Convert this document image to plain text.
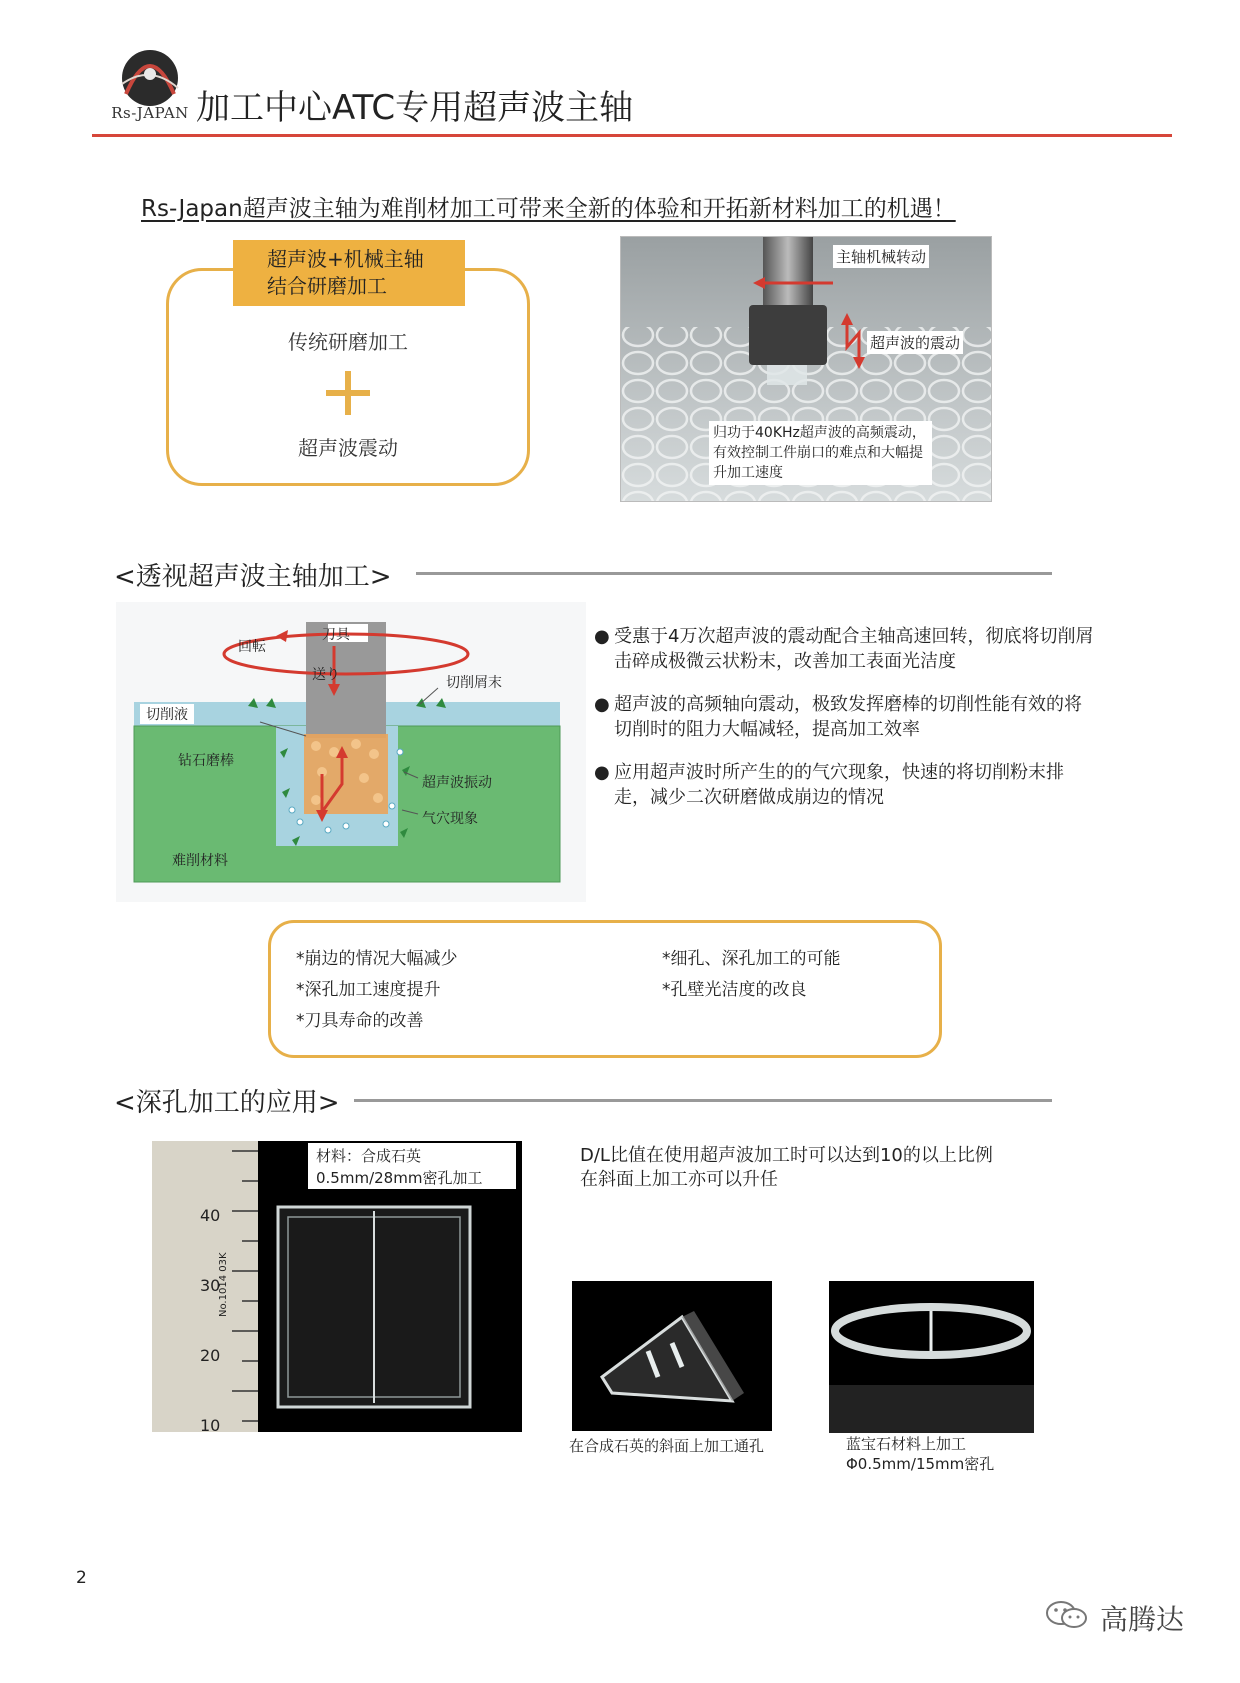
Rs-JAPAN 加工中心ATC专用超声波主轴
Rs-Japan超声波主轴为难削材加工可带来全新的体验和开拓新材料加工的机遇！
超声波+机械主轴
结合研磨加工
传统研磨加工
超声波震动
主轴机械转动
超声波的震动
归功于40KHz超声波的高频震动，有效控制工件崩口的难点和大幅提升加工速度
<透视超声波主轴加工>
刀具
回転
送り	切削屑末
切削液
钻石磨棒
超声波振动
气穴现象
难削材料
● 受惠于4万次超声波的震动配合主轴高速回转，彻底将切削屑击碎成极微云状粉末，改善加工表面光洁度
● 超声波的高频轴向震动，极致发挥磨棒的切削性能有效的将切削时的阻力大幅减轻，提高加工效率
● 应用超声波时所产生的的气穴现象，快速的将切削粉末排走，减少二次研磨做成崩边的情况
*崩边的情况大幅减少
*深孔加工速度提升
*刀具寿命的改善
*细孔、深孔加工的可能
*孔壁光洁度的改良
<深孔加工的应用>
40
30
20
10
No.1014 03K
材料：合成石英
0.5mm/28mm密孔加工
D/L比值在使用超声波加工时可以达到10的以上比例
在斜面上加工亦可以升任
在合成石英的斜面上加工通孔	蓝宝石材料上加工
Φ0.5mm/15mm密孔
2
高腾达
